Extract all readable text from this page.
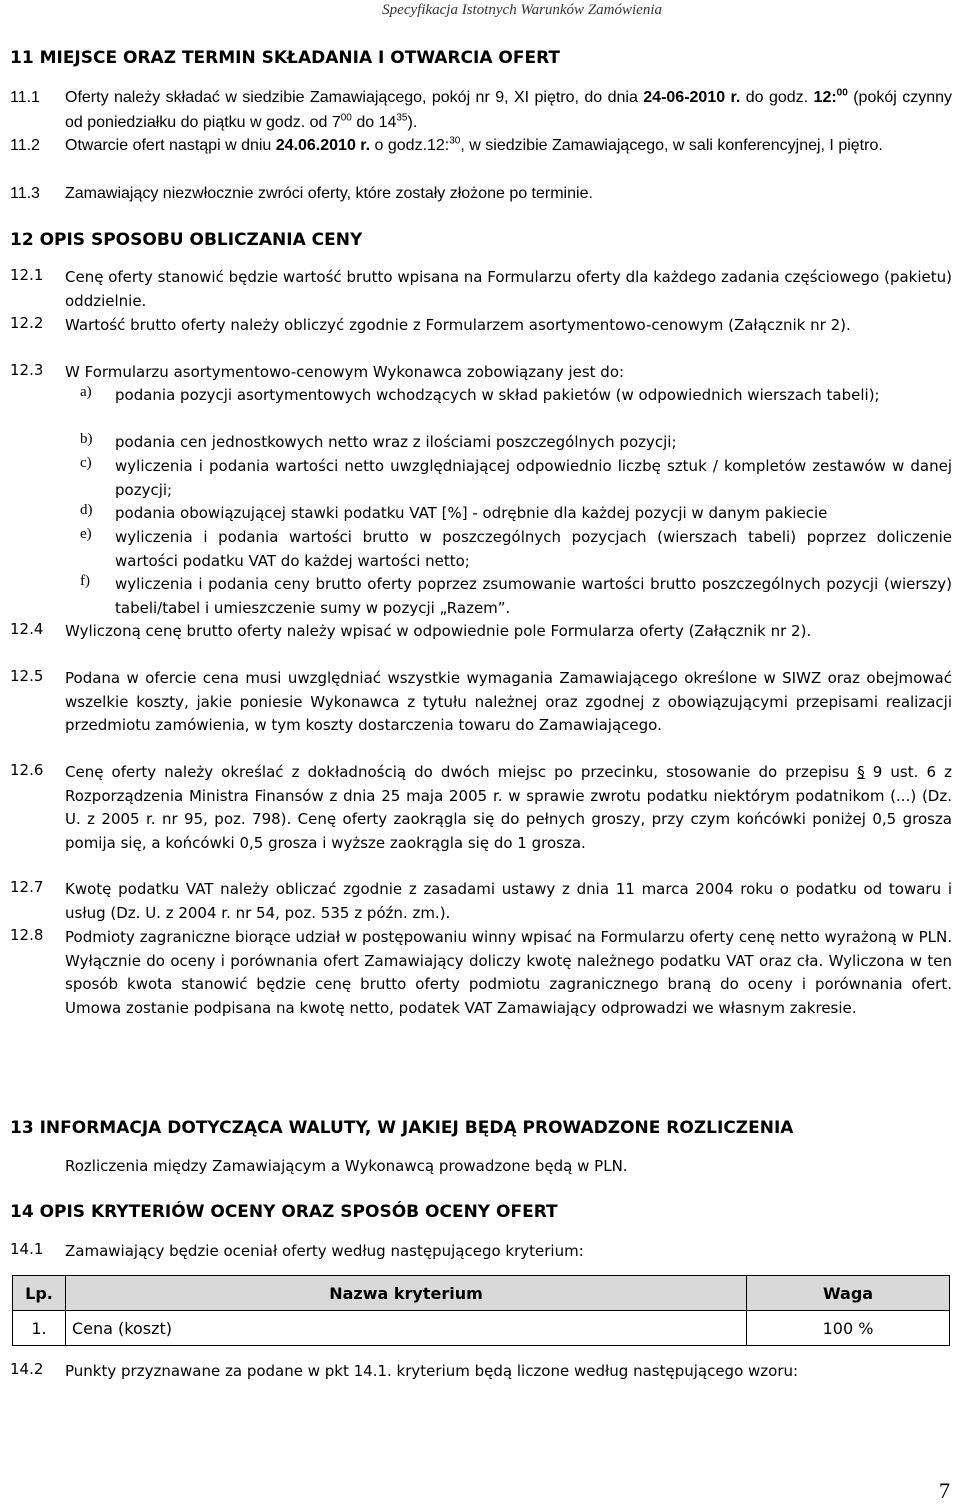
Specyfikacja Istotnych Warunków Zamówienia
11 MIEJSCE ORAZ TERMIN SKŁADANIA I OTWARCIA OFERT
11.1 Oferty należy składać w siedzibie Zamawiającego, pokój nr 9, XI piętro, do dnia 24-06-2010 r. do godz. 12:$^{00}$ (pokój czynny od poniedziałku do piątku w godz. od $7^{00}$ do $14^{35}$).
11.2 Otwarcie ofert nastąpi w dniu 24.06.2010 r. o godz.12:$^{30}$, w siedzibie Zamawiającego, w sali konferencyjnej, I piętro.
11.3 Zamawiający niezwłocznie zwróci oferty, które zostały złożone po terminie.
12 OPIS SPOSOBU OBLICZANIA CENY
12.1 Cenę oferty stanowić będzie wartość brutto wpisana na Formularzu oferty dla każdego zadania częściowego (pakietu) oddzielnie.
12.2 Wartość brutto oferty należy obliczyć zgodnie z Formularzem asortymentowo-cenowym (Załącznik nr 2).
12.3 W Formularzu asortymentowo-cenowym Wykonawca zobowiązany jest do:
a) podania pozycji asortymentowych wchodzących w skład pakietów (w odpowiednich wierszach tabeli);
b) podania cen jednostkowych netto wraz z ilościami poszczególnych pozycji;
c) wyliczenia i podania wartości netto uwzględniającej odpowiednio liczbę sztuk / kompletów zestawów w danej pozycji;
d) podania obowiązującej stawki podatku VAT [%] - odrębnie dla każdej pozycji w danym pakiecie
e) wyliczenia i podania wartości brutto w poszczególnych pozycjach (wierszach tabeli) poprzez doliczenie wartości podatku VAT do każdej wartości netto;
f) wyliczenia i podania ceny brutto oferty poprzez zsumowanie wartości brutto poszczególnych pozycji (wierszy) tabeli/tabel i umieszczenie sumy w pozycji „Razem”.
12.4 Wyliczoną cenę brutto oferty należy wpisać w odpowiednie pole Formularza oferty (Załącznik nr 2).
12.5 Podana w ofercie cena musi uwzględniać wszystkie wymagania Zamawiającego określone w SIWZ oraz obejmować wszelkie koszty, jakie poniesie Wykonawca z tytułu należnej oraz zgodnej z obowiązującymi przepisami realizacji przedmiotu zamówienia, w tym koszty dostarczenia towaru do Zamawiającego.
12.6 Cenę oferty należy określać z dokładnością do dwóch miejsc po przecinku, stosowanie do przepisu § 9 ust. 6 z Rozporządzenia Ministra Finansów z dnia 25 maja 2005 r. w sprawie zwrotu podatku niektórym podatnikom (...) (Dz. U. z 2005 r. nr 95, poz. 798). Cenę oferty zaokrągla się do pełnych groszy, przy czym końcówki poniżej 0,5 grosza pomija się, a końcówki 0,5 grosza i wyższe zaokrągla się do 1 grosza.
12.7 Kwotę podatku VAT należy obliczać zgodnie z zasadami ustawy z dnia 11 marca 2004 roku o podatku od towaru i usług (Dz. U. z 2004 r. nr 54, poz. 535 z późn. zm.).
12.8 Podmioty zagraniczne biorące udział w postępowaniu winny wpisać na Formularzu oferty cenę netto wyrażoną w PLN. Wyłącznie do oceny i porównania ofert Zamawiający doliczy kwotę należnego podatku VAT oraz cła. Wyliczona w ten sposób kwota stanowić będzie cenę brutto oferty podmiotu zagranicznego braną do oceny i porównania ofert. Umowa zostanie podpisana na kwotę netto, podatek VAT Zamawiający odprowadzi we własnym zakresie.
13 INFORMACJA DOTYCZĄCA WALUTY, W JAKIEJ BĘDĄ PROWADZONE ROZLICZENIA
Rozliczenia między Zamawiającym a Wykonawcą prowadzone będą w PLN.
14 OPIS KRYTERIÓW OCENY ORAZ SPOSÓB OCENY OFERT
14.1 Zamawiający będzie oceniał oferty według następującego kryterium:
Lp.	Nazwa kryterium	Waga
1.	Cena (koszt)	100 %
14.2 Punkty przyznawane za podane w pkt 14.1. kryterium będą liczone według następującego wzoru:
7
